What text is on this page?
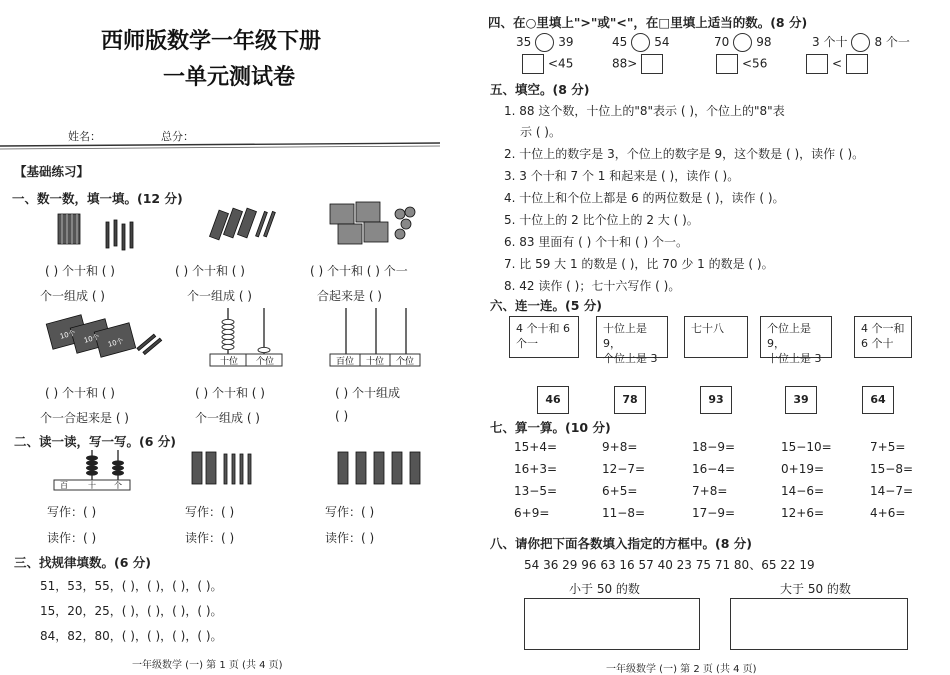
西师版数学一年级下册
一单元测试卷
姓名：	总分：
【基础练习】
一、数一数，填一填。(12 分)
( ) 个十和 ( )	( ) 个十和 ( )	( ) 个十和 ( ) 个一
个一组成 ( )	个一组成 ( )	合起来是 ( )
10个 10个 10个
十位 个位	百位 十位 个位
( ) 个十和 ( )	( ) 个十和 ( )	( ) 个十组成
个一合起来是 ( )	个一组成 ( )	( )
二、读一读，写一写。(6 分)
百	十 个
写作：( )	写作：( )	写作：( )
读作：( )	读作：( )	读作：( )
三、找规律填数。(6 分)
51，53，55，( )，( )，( )，( )。
15，20，25，( )，( )，( )，( )。
84，82，80，( )，( )，( )，( )。
一年级数学 (一) 第 1 页 (共 4 页)
四、在○里填上">"或"<"，在□里填上适当的数。(8 分)
35 39	45 54	70 98	3 个十 8 个一
<45	88>	<56	<
五、填空。(8 分)
1. 88 这个数，十位上的"8"表示 ( )，个位上的"8"表
示 ( )。
2. 十位上的数字是 3，个位上的数字是 9，这个数是 ( )，读作 ( )。
3. 3 个十和 7 个 1 和起来是 ( )，读作 ( )。
4. 十位上和个位上都是 6 的两位数是 ( )，读作 ( )。
5. 十位上的 2 比个位上的 2 大 ( )。
6. 83 里面有 ( ) 个十和 ( ) 个一。
7. 比 59 大 1 的数是 ( )，比 70 少 1 的数是 ( )。
8. 42 读作 ( )；七十六写作 ( )。
六、连一连。(5 分)
4 个十和 6
个一
十位上是 9，
个位上是 3
七十八	个位上是 9，
十位上是 3
4 个一和
6 个十
46	78	93	39	64
七、算一算。(10 分)
15+4=	9+8=	18−9=	15−10=	7+5=
16+3=	12−7=	16−4=	0+19=	15−8=
13−5=	6+5=	7+8=	14−6=	14−7=
6+9=	11−8=	17−9=	12+6=	4+6=
八、请你把下面各数填入指定的方框中。(8 分)
54 36 29 96 63 16 57 40 23 75 71 80、65 22 19
小于 50 的数	大于 50 的数
一年级数学 (一) 第 2 页 (共 4 页)
